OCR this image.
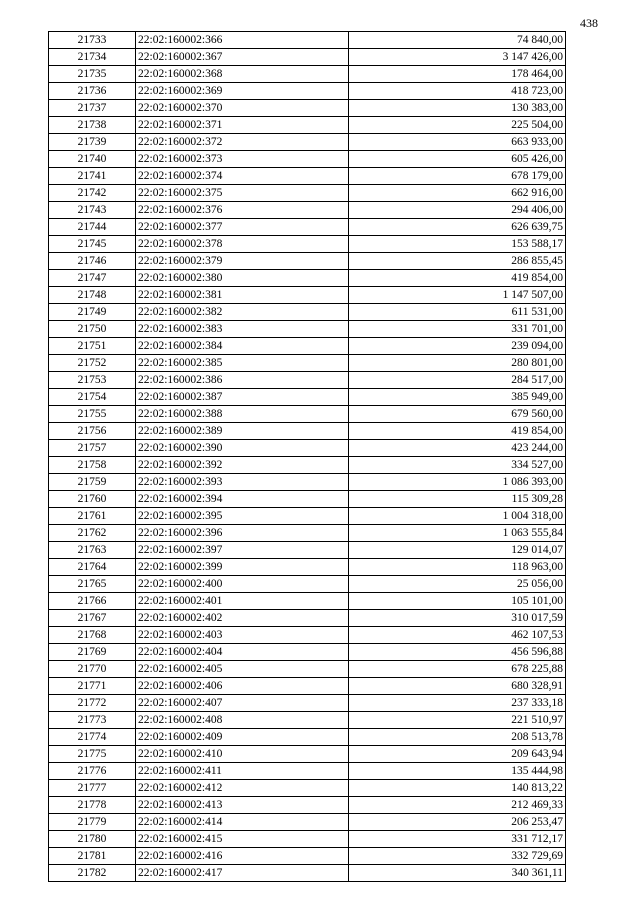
438
21733	22:02:160002:366	74 840,00
21734	22:02:160002:367	3 147 426,00
21735	22:02:160002:368	178 464,00
21736	22:02:160002:369	418 723,00
21737	22:02:160002:370	130 383,00
21738	22:02:160002:371	225 504,00
21739	22:02:160002:372	663 933,00
21740	22:02:160002:373	605 426,00
21741	22:02:160002:374	678 179,00
21742	22:02:160002:375	662 916,00
21743	22:02:160002:376	294 406,00
21744	22:02:160002:377	626 639,75
21745	22:02:160002:378	153 588,17
21746	22:02:160002:379	286 855,45
21747	22:02:160002:380	419 854,00
21748	22:02:160002:381	1 147 507,00
21749	22:02:160002:382	611 531,00
21750	22:02:160002:383	331 701,00
21751	22:02:160002:384	239 094,00
21752	22:02:160002:385	280 801,00
21753	22:02:160002:386	284 517,00
21754	22:02:160002:387	385 949,00
21755	22:02:160002:388	679 560,00
21756	22:02:160002:389	419 854,00
21757	22:02:160002:390	423 244,00
21758	22:02:160002:392	334 527,00
21759	22:02:160002:393	1 086 393,00
21760	22:02:160002:394	115 309,28
21761	22:02:160002:395	1 004 318,00
21762	22:02:160002:396	1 063 555,84
21763	22:02:160002:397	129 014,07
21764	22:02:160002:399	118 963,00
21765	22:02:160002:400	25 056,00
21766	22:02:160002:401	105 101,00
21767	22:02:160002:402	310 017,59
21768	22:02:160002:403	462 107,53
21769	22:02:160002:404	456 596,88
21770	22:02:160002:405	678 225,88
21771	22:02:160002:406	680 328,91
21772	22:02:160002:407	237 333,18
21773	22:02:160002:408	221 510,97
21774	22:02:160002:409	208 513,78
21775	22:02:160002:410	209 643,94
21776	22:02:160002:411	135 444,98
21777	22:02:160002:412	140 813,22
21778	22:02:160002:413	212 469,33
21779	22:02:160002:414	206 253,47
21780	22:02:160002:415	331 712,17
21781	22:02:160002:416	332 729,69
21782	22:02:160002:417	340 361,11
